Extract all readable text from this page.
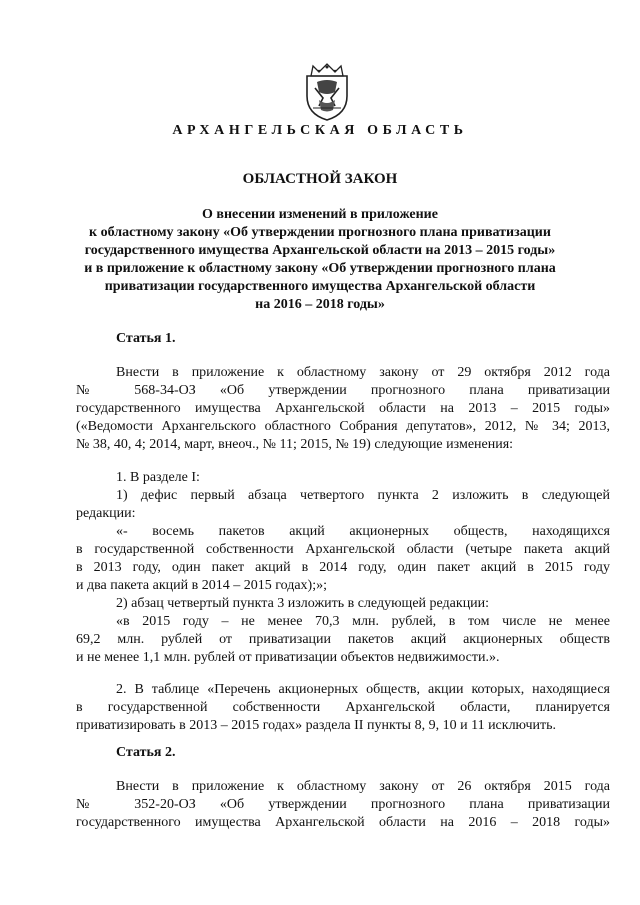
АРХАНГЕЛЬСКАЯ ОБЛАСТЬ
ОБЛАСТНОЙ ЗАКОН
О внесении изменений в приложение
к областному закону «Об утверждении прогнозного плана приватизации
государственного имущества Архангельской области на 2013 – 2015 годы»
и в приложение к областному закону «Об утверждении прогнозного плана
приватизации государственного имущества Архангельской области
на 2016 – 2018 годы»
Статья 1.
Внести в приложение к областному закону от 29 октября 2012 года
№ 568-34-ОЗ «Об утверждении прогнозного плана приватизации
государственного имущества Архангельской области на 2013 – 2015 годы»
(«Ведомости Архангельского областного Собрания депутатов», 2012, № 34; 2013,
№ 38, 40, 4; 2014, март, внеоч., № 11; 2015, № 19) следующие изменения:
1. В разделе I:
1) дефис первый абзаца четвертого пункта 2 изложить в следующей
редакции:
«- восемь пакетов акций акционерных обществ, находящихся
в государственной собственности Архангельской области (четыре пакета акций
в 2013 году, один пакет акций в 2014 году, один пакет акций в 2015 году
и два пакета акций в 2014 – 2015 годах);»;
2) абзац четвертый пункта 3 изложить в следующей редакции:
«в 2015 году – не менее 70,3 млн. рублей, в том числе не менее
69,2 млн. рублей от приватизации пакетов акций акционерных обществ
и не менее 1,1 млн. рублей от приватизации объектов недвижимости.».
2. В таблице «Перечень акционерных обществ, акции которых, находящиеся
в государственной собственности Архангельской области, планируется
приватизировать в 2013 – 2015 годах» раздела II пункты 8, 9, 10 и 11 исключить.
Статья 2.
Внести в приложение к областному закону от 26 октября 2015 года
№ 352-20-ОЗ «Об утверждении прогнозного плана приватизации
государственного имущества Архангельской области на 2016 – 2018 годы»
